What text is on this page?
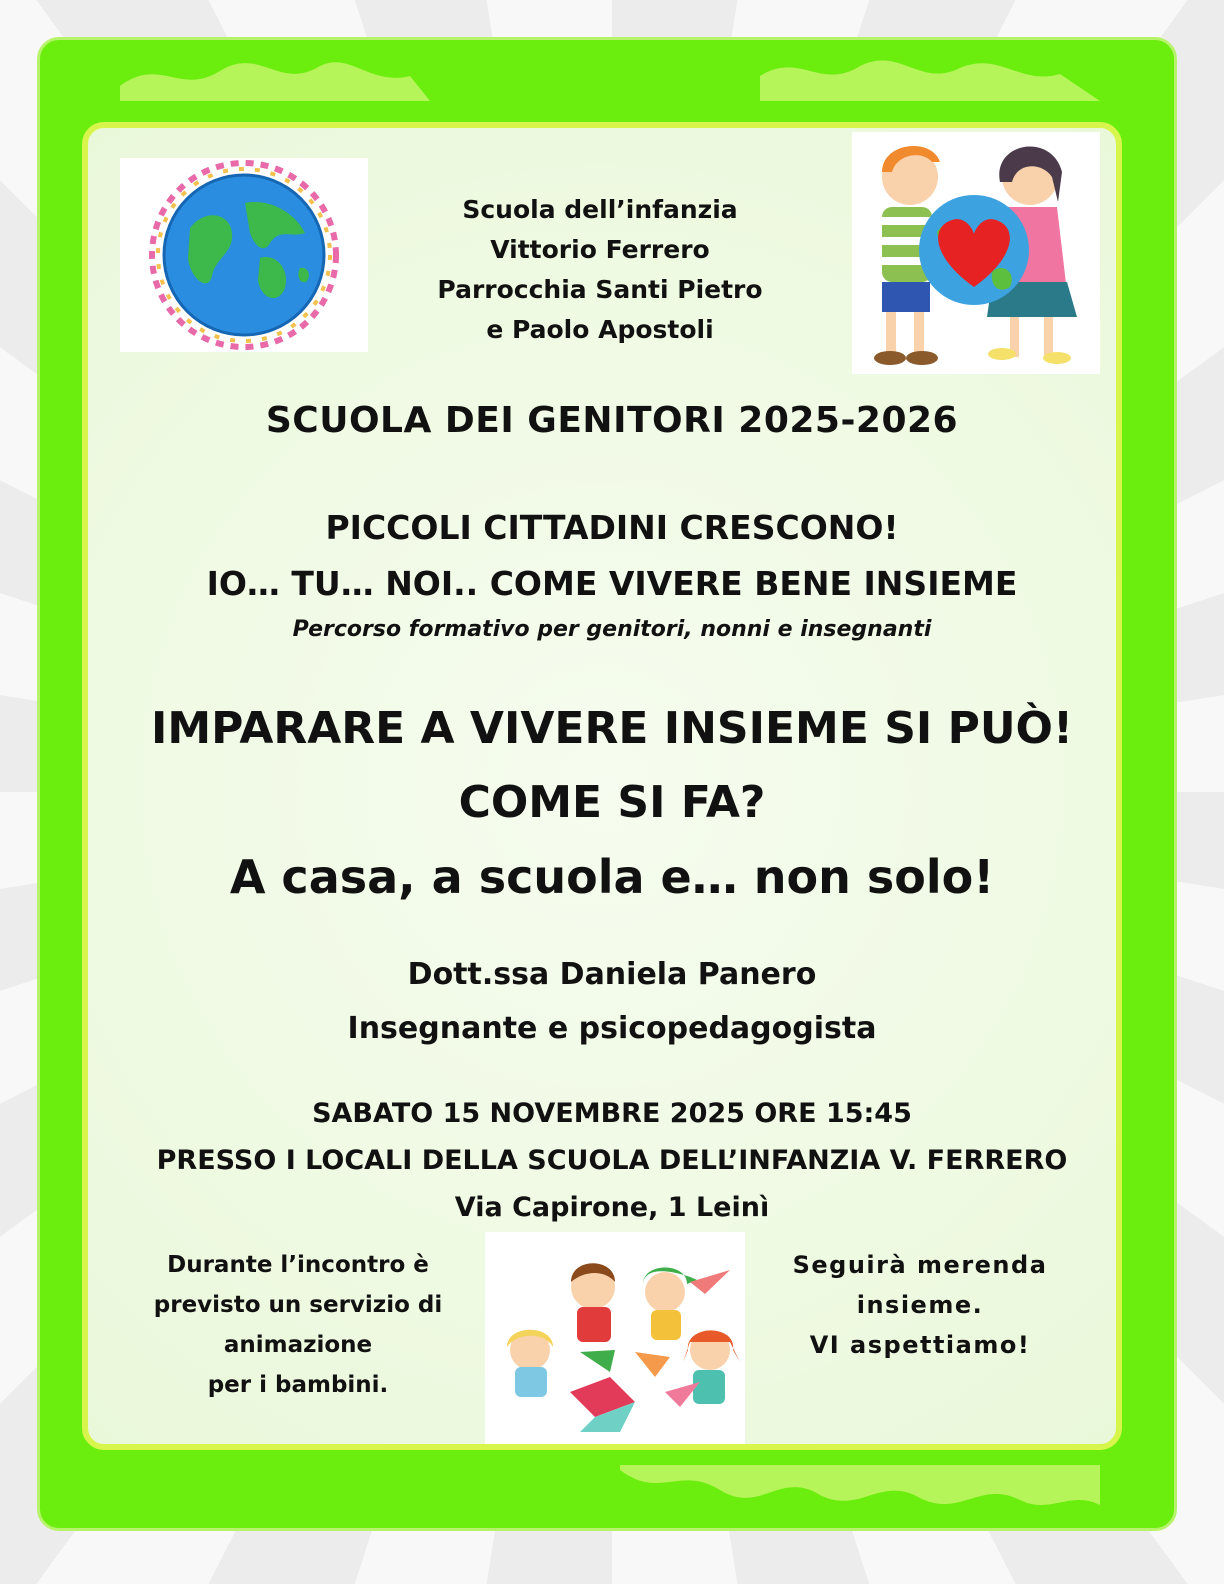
Scuola dell’infanzia
Vittorio Ferrero
Parrocchia Santi Pietro
e Paolo Apostoli
SCUOLA DEI GENITORI 2025-2026
PICCOLI CITTADINI CRESCONO!
IO… TU… NOI.. COME VIVERE BENE INSIEME
Percorso formativo per genitori, nonni e insegnanti
IMPARARE A VIVERE INSIEME SI PUÒ!
COME SI FA?
A casa, a scuola e… non solo!
Dott.ssa Daniela Panero
Insegnante e psicopedagogista
SABATO 15 NOVEMBRE 2025 ORE 15:45
PRESSO I LOCALI DELLA SCUOLA DELL’INFANZIA V. FERRERO
Via Capirone, 1 Leinì
Durante l’incontro è
previsto un servizio di
animazione
per i bambini.
Seguirà merenda
insieme.
VI aspettiamo!
